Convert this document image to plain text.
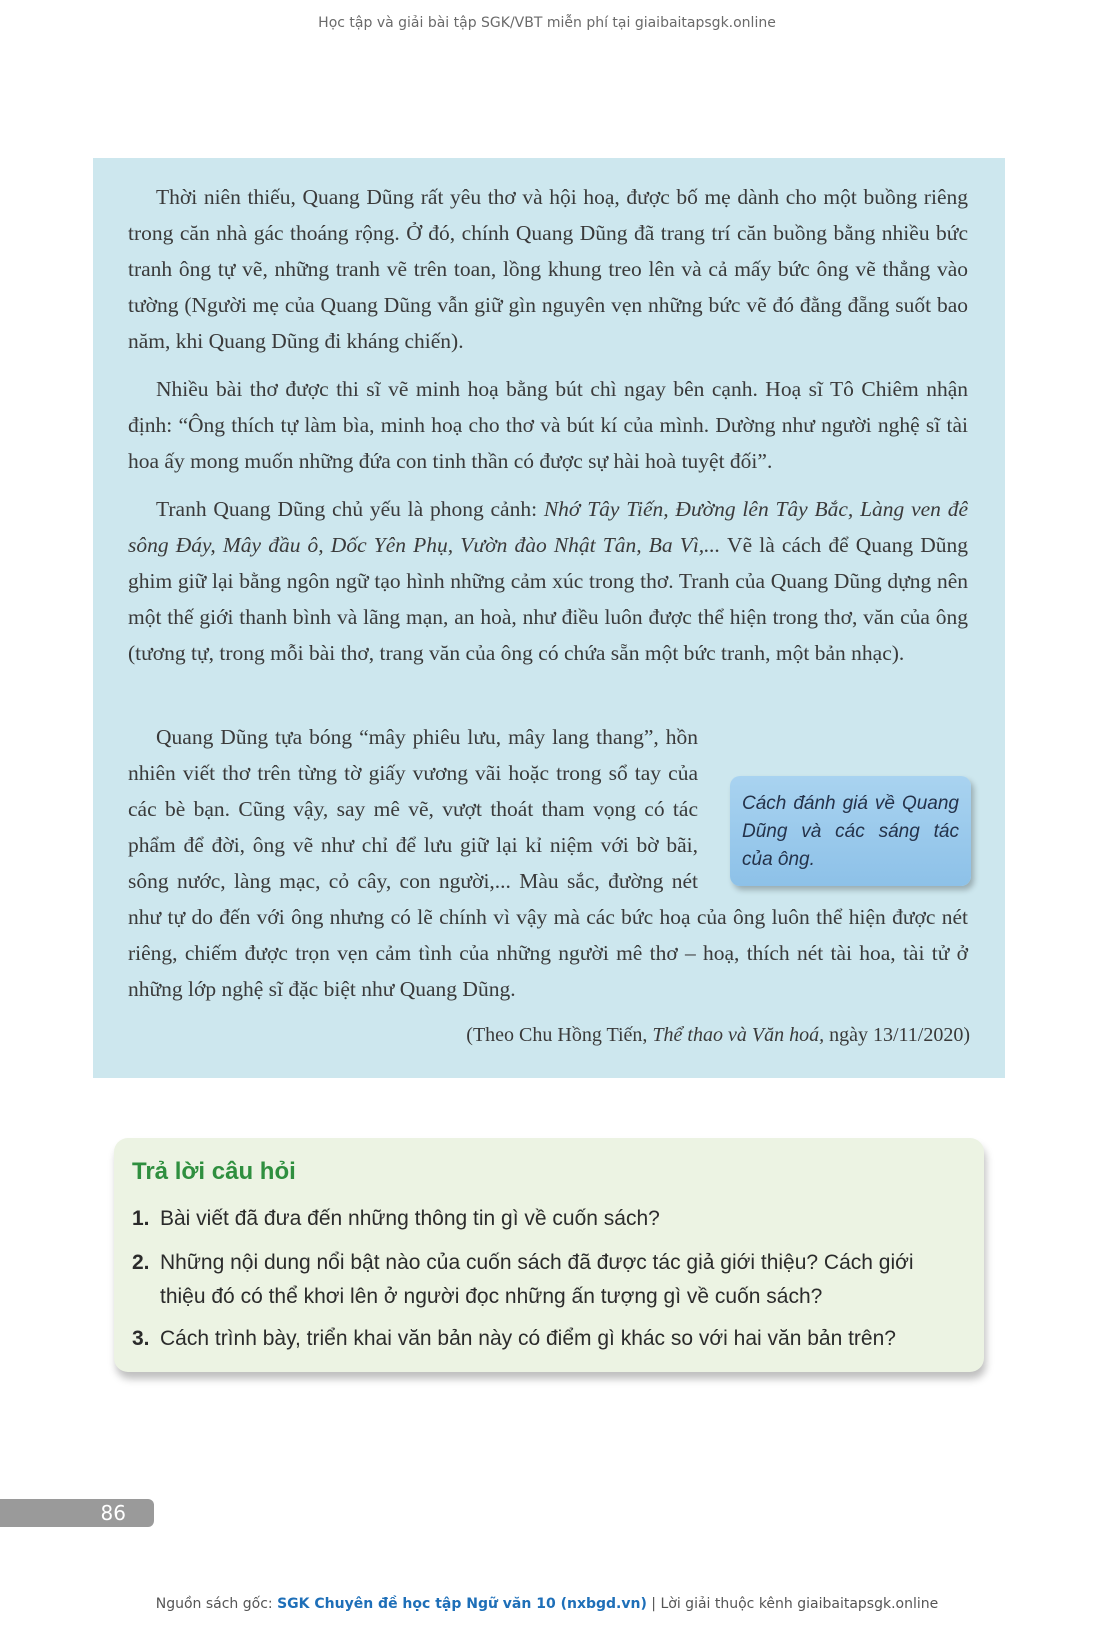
Học tập và giải bài tập SGK/VBT miễn phí tại giaibaitapsgk.online

Thời niên thiếu, Quang Dũng rất yêu thơ và hội hoạ, được bố mẹ dành cho một buồng riêng trong căn nhà gác thoáng rộng. Ở đó, chính Quang Dũng đã trang trí căn buồng bằng nhiều bức tranh ông tự vẽ, những tranh vẽ trên toan, lồng khung treo lên và cả mấy bức ông vẽ thẳng vào tường (Người mẹ của Quang Dũng vẫn giữ gìn nguyên vẹn những bức vẽ đó đằng đẵng suốt bao năm, khi Quang Dũng đi kháng chiến).

Nhiều bài thơ được thi sĩ vẽ minh hoạ bằng bút chì ngay bên cạnh. Hoạ sĩ Tô Chiêm nhận định: “Ông thích tự làm bìa, minh hoạ cho thơ và bút kí của mình. Dường như người nghệ sĩ tài hoa ấy mong muốn những đứa con tinh thần có được sự hài hoà tuyệt đối”.

Tranh Quang Dũng chủ yếu là phong cảnh: Nhớ Tây Tiến, Đường lên Tây Bắc, Làng ven đê sông Đáy, Mây đầu ô, Dốc Yên Phụ, Vườn đào Nhật Tân, Ba Vì,... Vẽ là cách để Quang Dũng ghim giữ lại bằng ngôn ngữ tạo hình những cảm xúc trong thơ. Tranh của Quang Dũng dựng nên một thế giới thanh bình và lãng mạn, an hoà, như điều luôn được thể hiện trong thơ, văn của ông (tương tự, trong mỗi bài thơ, trang văn của ông có chứa sẵn một bức tranh, một bản nhạc).

Quang Dũng tựa bóng “mây phiêu lưu, mây lang thang”, hồn nhiên viết thơ trên từng tờ giấy vương vãi hoặc trong sổ tay của các bè bạn. Cũng vậy, say mê vẽ, vượt thoát tham vọng có tác phẩm để đời, ông vẽ như chỉ để lưu giữ lại kỉ niệm với bờ bãi, sông nước, làng mạc, cỏ cây, con người,... Màu sắc, đường nét như tự do đến với ông nhưng có lẽ chính vì vậy mà các bức hoạ của ông luôn thể hiện được nét riêng, chiếm được trọn vẹn cảm tình của những người mê thơ – hoạ, thích nét tài hoa, tài tử ở những lớp nghệ sĩ đặc biệt như Quang Dũng.

(Theo Chu Hồng Tiến, Thể thao và Văn hoá, ngày 13/11/2020)

Cách đánh giá về Quang Dũng và các sáng tác của ông.
Trả lời câu hỏi

1. Bài viết đã đưa đến những thông tin gì về cuốn sách?

2. Những nội dung nổi bật nào của cuốn sách đã được tác giả giới thiệu? Cách giới thiệu đó có thể khơi lên ở người đọc những ấn tượng gì về cuốn sách?

3. Cách trình bày, triển khai văn bản này có điểm gì khác so với hai văn bản trên?

86
Nguồn sách gốc: SGK Chuyên đề học tập Ngữ văn 10 (nxbgd.vn) | Lời giải thuộc kênh giaibaitapsgk.online
